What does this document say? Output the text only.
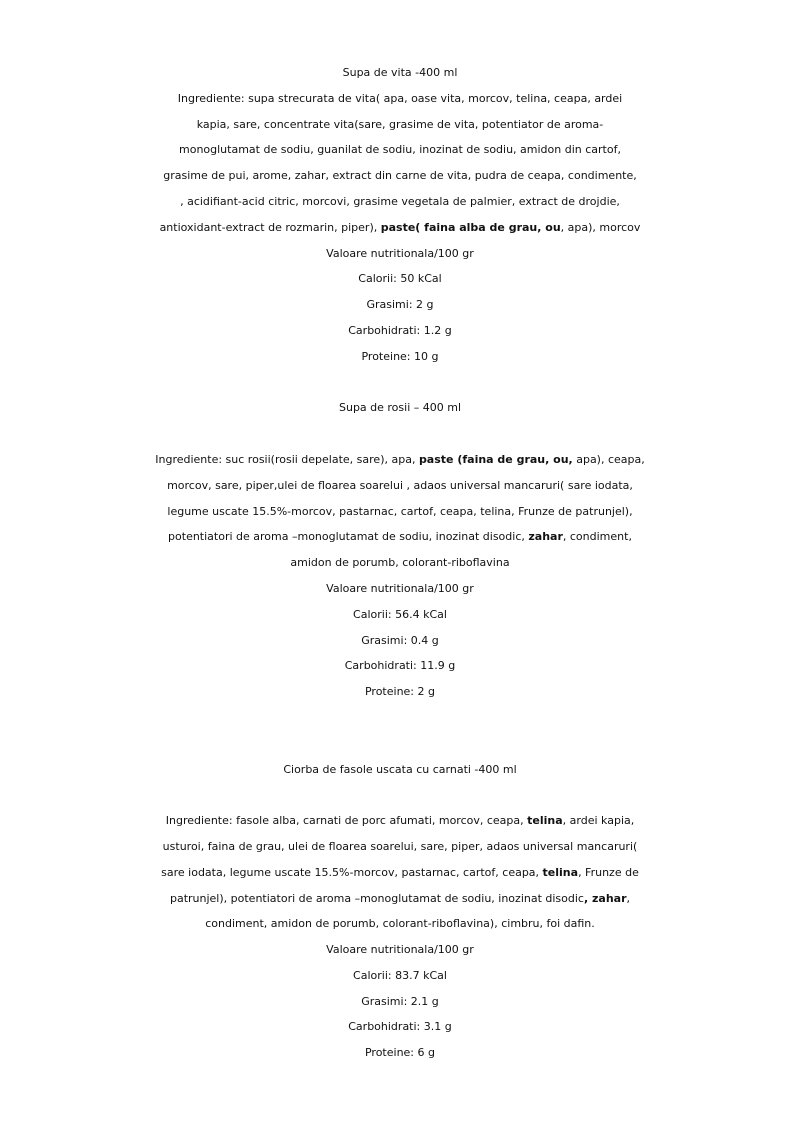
Supa de vita -400 ml
Ingrediente: supa strecurata de vita( apa, oase vita, morcov, telina, ceapa, ardei
kapia, sare, concentrate vita(sare, grasime de vita, potentiator de aroma-
monoglutamat de sodiu, guanilat de sodiu, inozinat de sodiu, amidon din cartof,
grasime de pui, arome, zahar, extract din carne de vita, pudra de ceapa, condimente,
, acidifiant-acid citric, morcovi, grasime vegetala de palmier, extract de drojdie,
antioxidant-extract de rozmarin, piper), paste( faina alba de grau, ou, apa), morcov
Valoare nutritionala/100 gr
Calorii: 50 kCal
Grasimi: 2 g
Carbohidrati: 1.2 g
Proteine: 10 g
Supa de rosii – 400 ml
Ingrediente: suc rosii(rosii depelate, sare), apa, paste (faina de grau, ou, apa), ceapa,
morcov, sare, piper,ulei de floarea soarelui , adaos universal mancaruri( sare iodata,
legume uscate 15.5%-morcov, pastarnac, cartof, ceapa, telina, Frunze de patrunjel),
potentiatori de aroma –monoglutamat de sodiu, inozinat disodic, zahar, condiment,
amidon de porumb, colorant-riboflavina
Valoare nutritionala/100 gr
Calorii: 56.4 kCal
Grasimi: 0.4 g
Carbohidrati: 11.9 g
Proteine: 2 g
Ciorba de fasole uscata cu carnati -400 ml
Ingrediente: fasole alba, carnati de porc afumati, morcov, ceapa, telina, ardei kapia,
usturoi, faina de grau, ulei de floarea soarelui, sare, piper, adaos universal mancaruri(
sare iodata, legume uscate 15.5%-morcov, pastarnac, cartof, ceapa, telina, Frunze de
patrunjel), potentiatori de aroma –monoglutamat de sodiu, inozinat disodic, zahar,
condiment, amidon de porumb, colorant-riboflavina), cimbru, foi dafin.
Valoare nutritionala/100 gr
Calorii: 83.7 kCal
Grasimi: 2.1 g
Carbohidrati: 3.1 g
Proteine: 6 g
